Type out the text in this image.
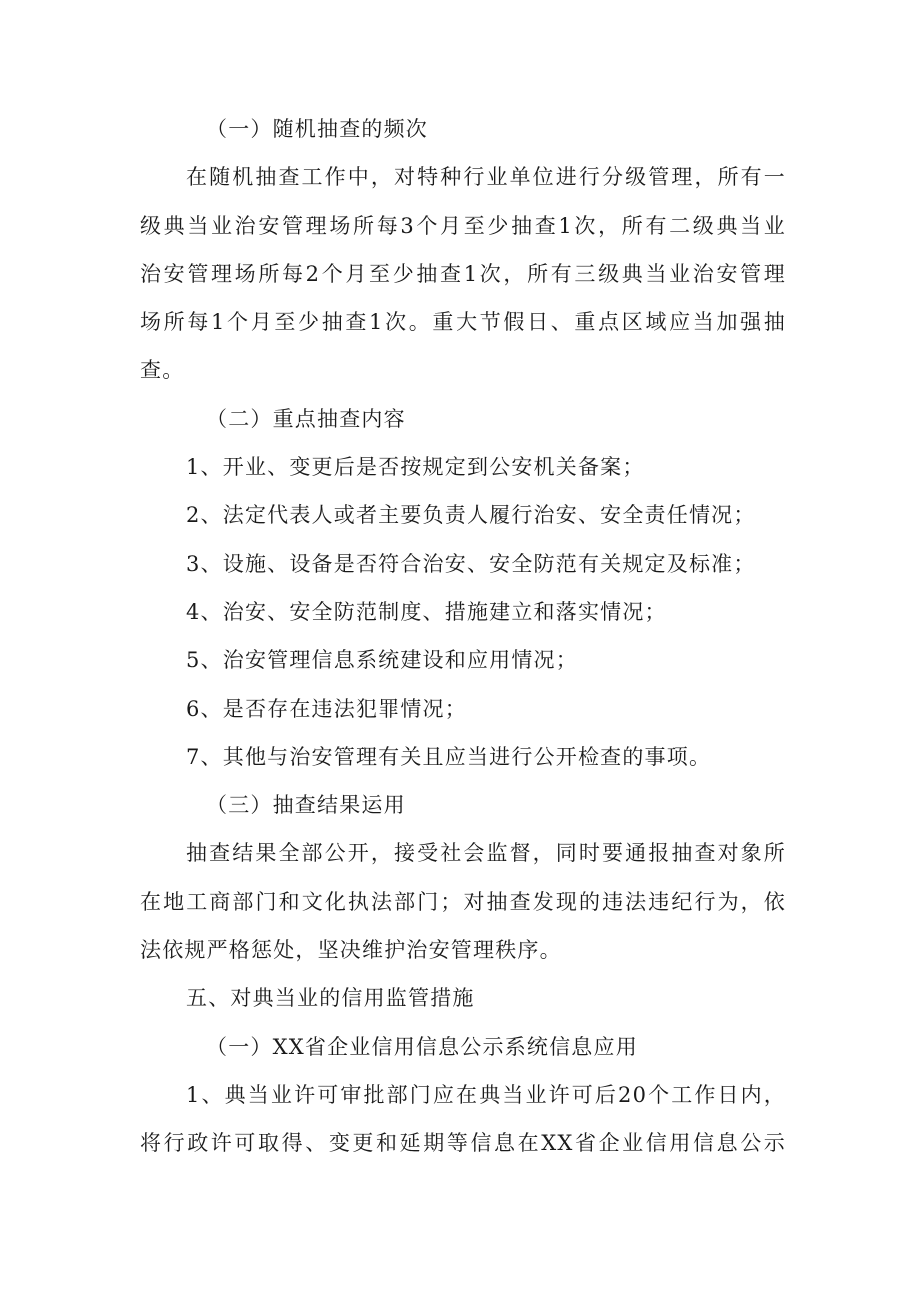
（一）随机抽查的频次
在随机抽查工作中，对特种行业单位进行分级管理，所有一
级典当业治安管理场所每3个月至少抽查1次，所有二级典当业
治安管理场所每2个月至少抽查1次，所有三级典当业治安管理
场所每1个月至少抽查1次。重大节假日、重点区域应当加强抽
查。
（二）重点抽查内容
1、开业、变更后是否按规定到公安机关备案；
2、法定代表人或者主要负责人履行治安、安全责任情况；
3、设施、设备是否符合治安、安全防范有关规定及标准；
4、治安、安全防范制度、措施建立和落实情况；
5、治安管理信息系统建设和应用情况；
6、是否存在违法犯罪情况；
7、其他与治安管理有关且应当进行公开检查的事项。
（三）抽查结果运用
抽查结果全部公开，接受社会监督，同时要通报抽查对象所
在地工商部门和文化执法部门；对抽查发现的违法违纪行为，依
法依规严格惩处，坚决维护治安管理秩序。
五、对典当业的信用监管措施
（一）XX省企业信用信息公示系统信息应用
1、典当业许可审批部门应在典当业许可后20个工作日内，
将行政许可取得、变更和延期等信息在XX省企业信用信息公示
